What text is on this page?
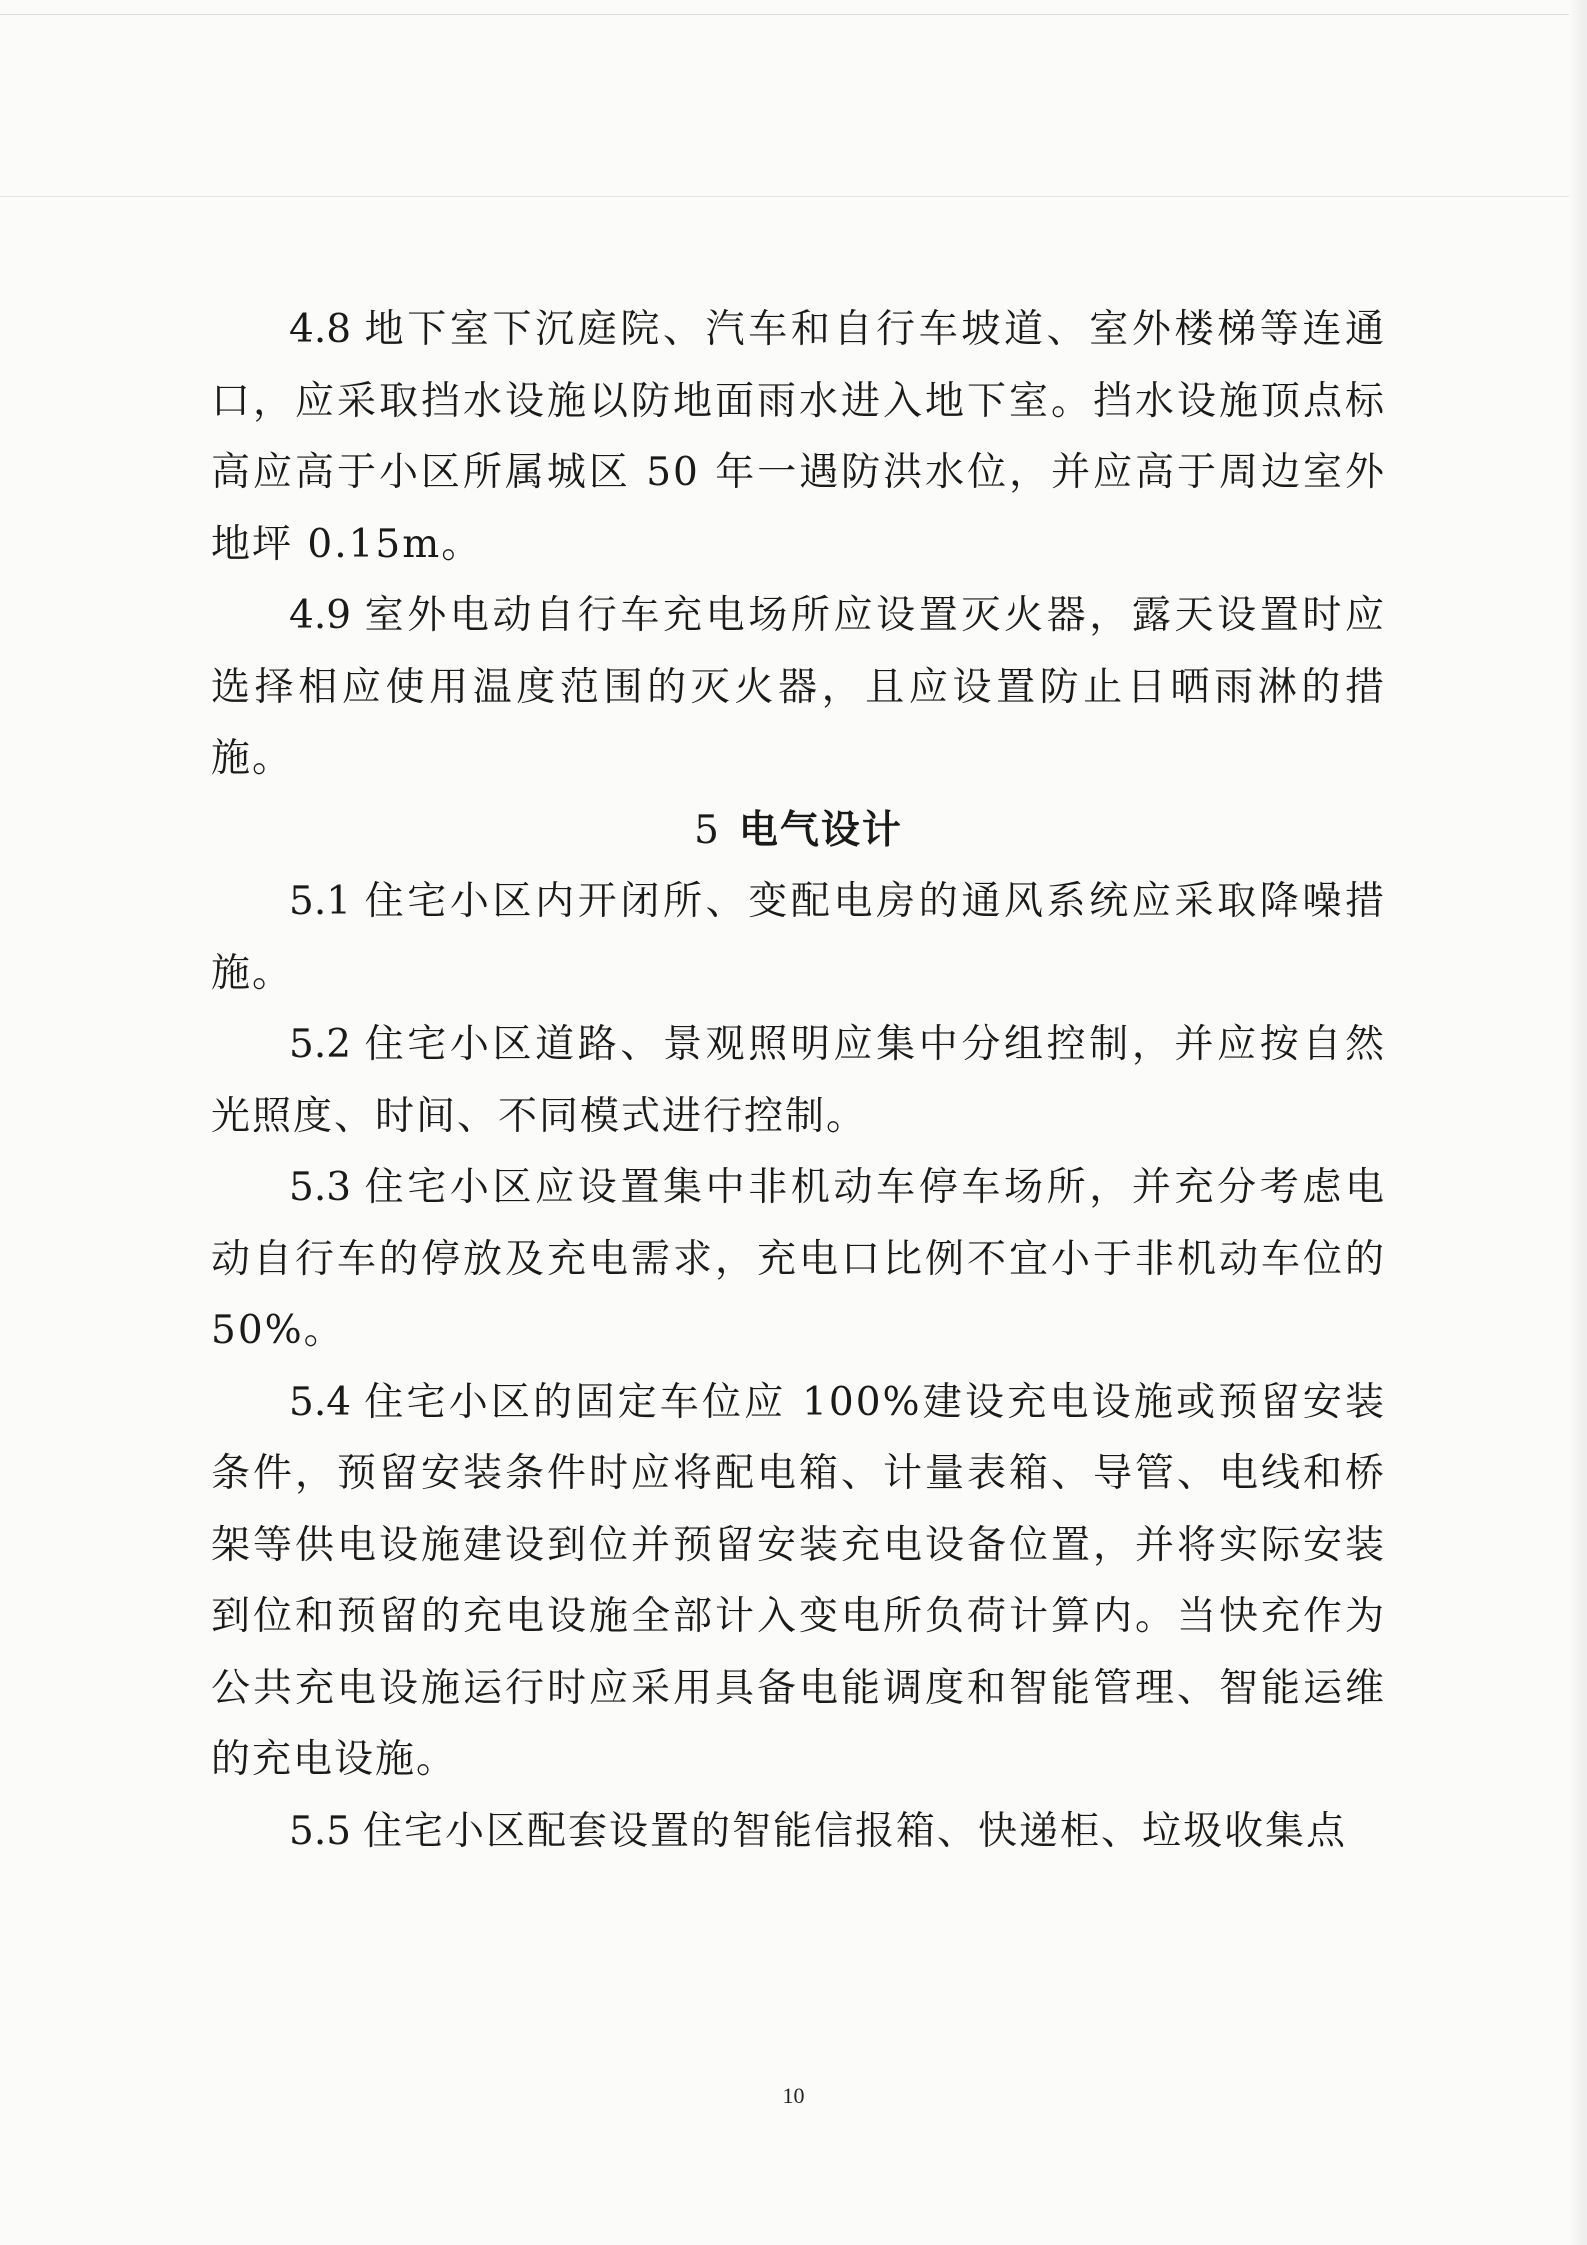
4.8 地下室下沉庭院、汽车和自行车坡道、室外楼梯等连通口，应采取挡水设施以防地面雨水进入地下室。挡水设施顶点标高应高于小区所属城区 50 年一遇防洪水位，并应高于周边室外地坪 0.15m。

4.9 室外电动自行车充电场所应设置灭火器，露天设置时应选择相应使用温度范围的灭火器，且应设置防止日晒雨淋的措施。

5 电气设计

5.1 住宅小区内开闭所、变配电房的通风系统应采取降噪措施。

5.2 住宅小区道路、景观照明应集中分组控制，并应按自然光照度、时间、不同模式进行控制。

5.3 住宅小区应设置集中非机动车停车场所，并充分考虑电动自行车的停放及充电需求，充电口比例不宜小于非机动车位的 50%。

5.4 住宅小区的固定车位应 100%建设充电设施或预留安装条件，预留安装条件时应将配电箱、计量表箱、导管、电线和桥架等供电设施建设到位并预留安装充电设备位置，并将实际安装到位和预留的充电设施全部计入变电所负荷计算内。当快充作为公共充电设施运行时应采用具备电能调度和智能管理、智能运维的充电设施。

5.5 住宅小区配套设置的智能信报箱、快递柜、垃圾收集点

10
